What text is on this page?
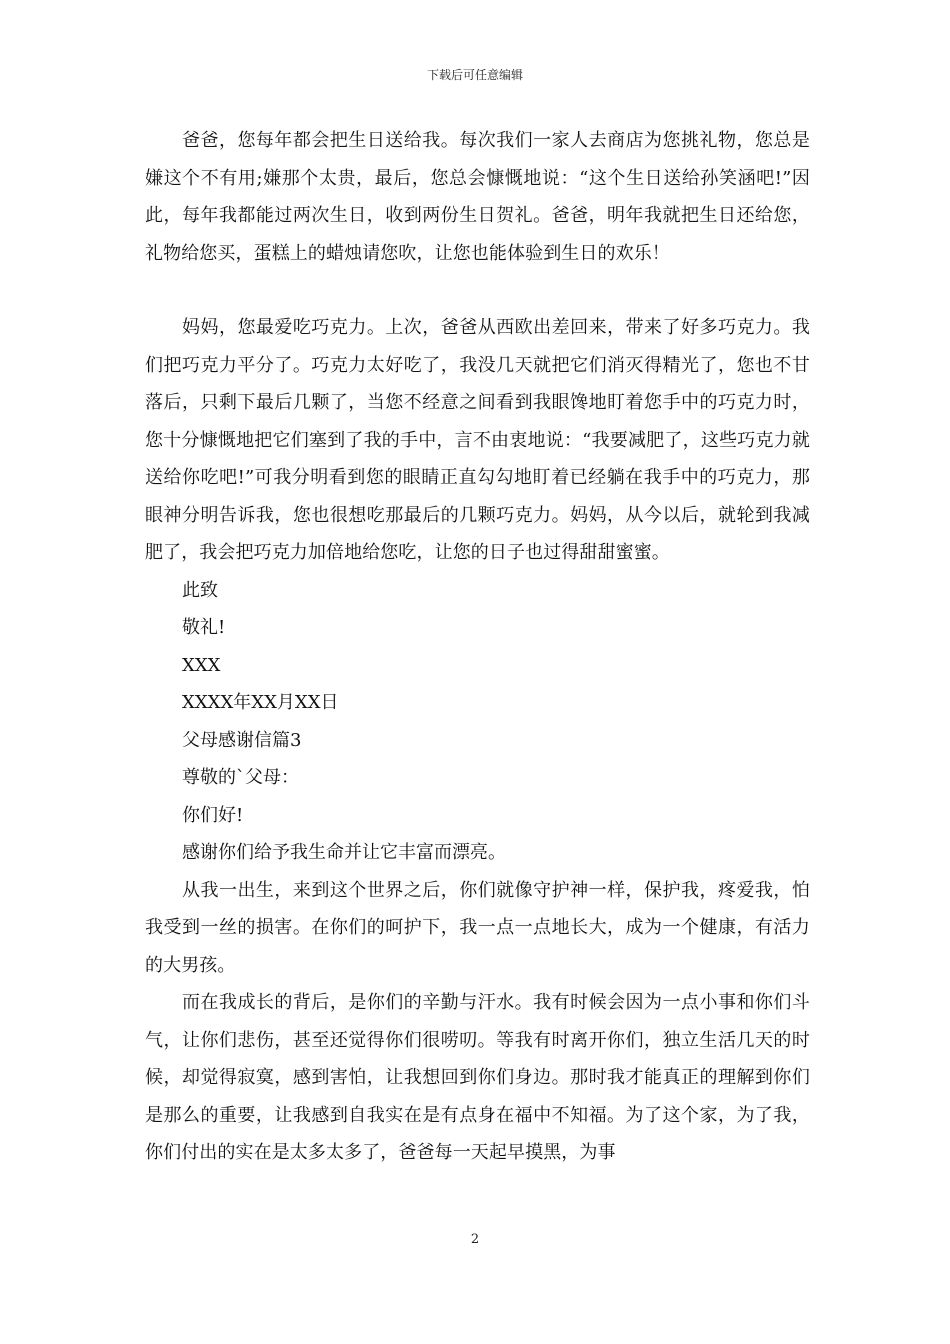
下载后可任意编辑

爸爸，您每年都会把生日送给我。每次我们一家人去商店为您挑礼物，您总是嫌这个不有用;嫌那个太贵，最后，您总会慷慨地说：“这个生日送给孙笑涵吧!”因此，每年我都能过两次生日，收到两份生日贺礼。爸爸，明年我就把生日还给您，礼物给您买，蛋糕上的蜡烛请您吹，让您也能体验到生日的欢乐！

妈妈，您最爱吃巧克力。上次，爸爸从西欧出差回来，带来了好多巧克力。我们把巧克力平分了。巧克力太好吃了，我没几天就把它们消灭得精光了，您也不甘落后，只剩下最后几颗了，当您不经意之间看到我眼馋地盯着您手中的巧克力时，您十分慷慨地把它们塞到了我的手中，言不由衷地说：“我要减肥了，这些巧克力就送给你吃吧!”可我分明看到您的眼睛正直勾勾地盯着已经躺在我手中的巧克力，那眼神分明告诉我，您也很想吃那最后的几颗巧克力。妈妈，从今以后，就轮到我减肥了，我会把巧克力加倍地给您吃，让您的日子也过得甜甜蜜蜜。

此致

敬礼!

XXX

XXXX年XX月XX日

父母感谢信篇3

尊敬的`父母：

你们好!

感谢你们给予我生命并让它丰富而漂亮。

从我一出生，来到这个世界之后，你们就像守护神一样，保护我，疼爱我，怕我受到一丝的损害。在你们的呵护下，我一点一点地长大，成为一个健康，有活力的大男孩。

而在我成长的背后，是你们的辛勤与汗水。我有时候会因为一点小事和你们斗气，让你们悲伤，甚至还觉得你们很唠叨。等我有时离开你们，独立生活几天的时候，却觉得寂寞，感到害怕，让我想回到你们身边。那时我才能真正的理解到你们是那么的重要，让我感到自我实在是有点身在福中不知福。为了这个家，为了我，你们付出的实在是太多太多了，爸爸每一天起早摸黑，为事

2
